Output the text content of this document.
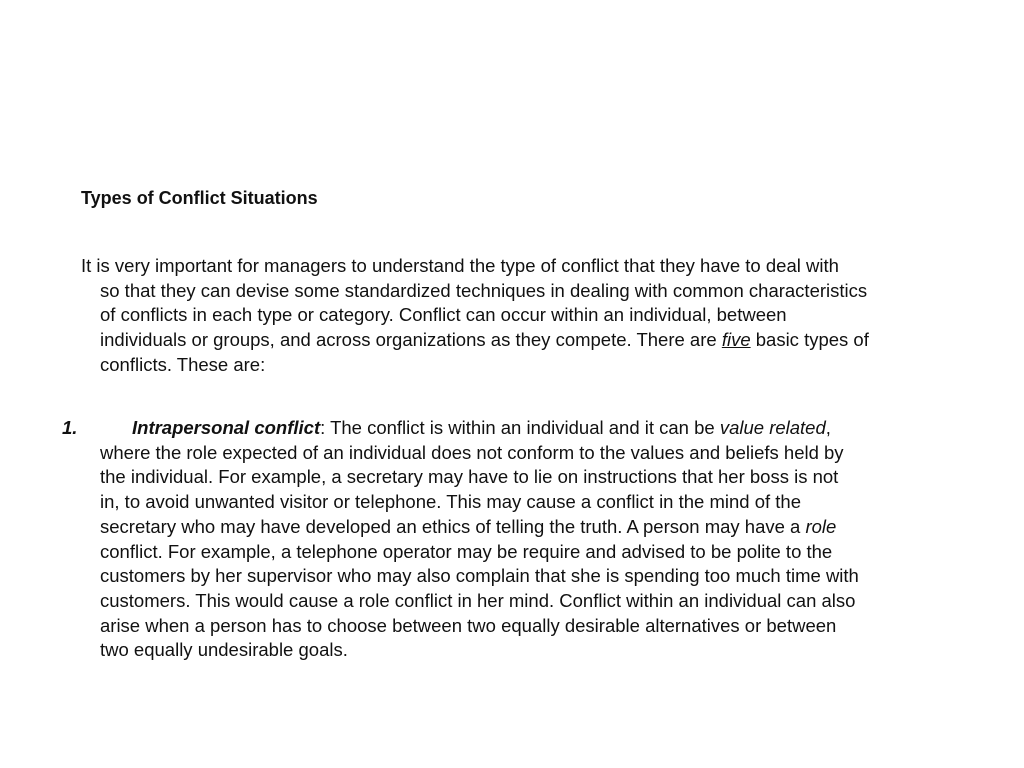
Types of Conflict Situations
It is very important for managers to understand the type of conflict that they have to deal with
so that they can devise some standardized techniques in dealing with common characteristics
of conflicts in each type or category. Conflict can occur within an individual, between
individuals or groups, and across organizations as they compete. There are five basic types of
conflicts. These are:
1.	Intrapersonal conflict: The conflict is within an individual and it can be value related,
where the role expected of an individual does not conform to the values and beliefs held by
the individual. For example, a secretary may have to lie on instructions that her boss is not
in, to avoid unwanted visitor or telephone. This may cause a conflict in the mind of the
secretary who may have developed an ethics of telling the truth. A person may have a role
conflict. For example, a telephone operator may be require and advised to be polite to the
customers by her supervisor who may also complain that she is spending too much time with
customers. This would cause a role conflict in her mind. Conflict within an individual can also
arise when a person has to choose between two equally desirable alternatives or between
two equally undesirable goals.
